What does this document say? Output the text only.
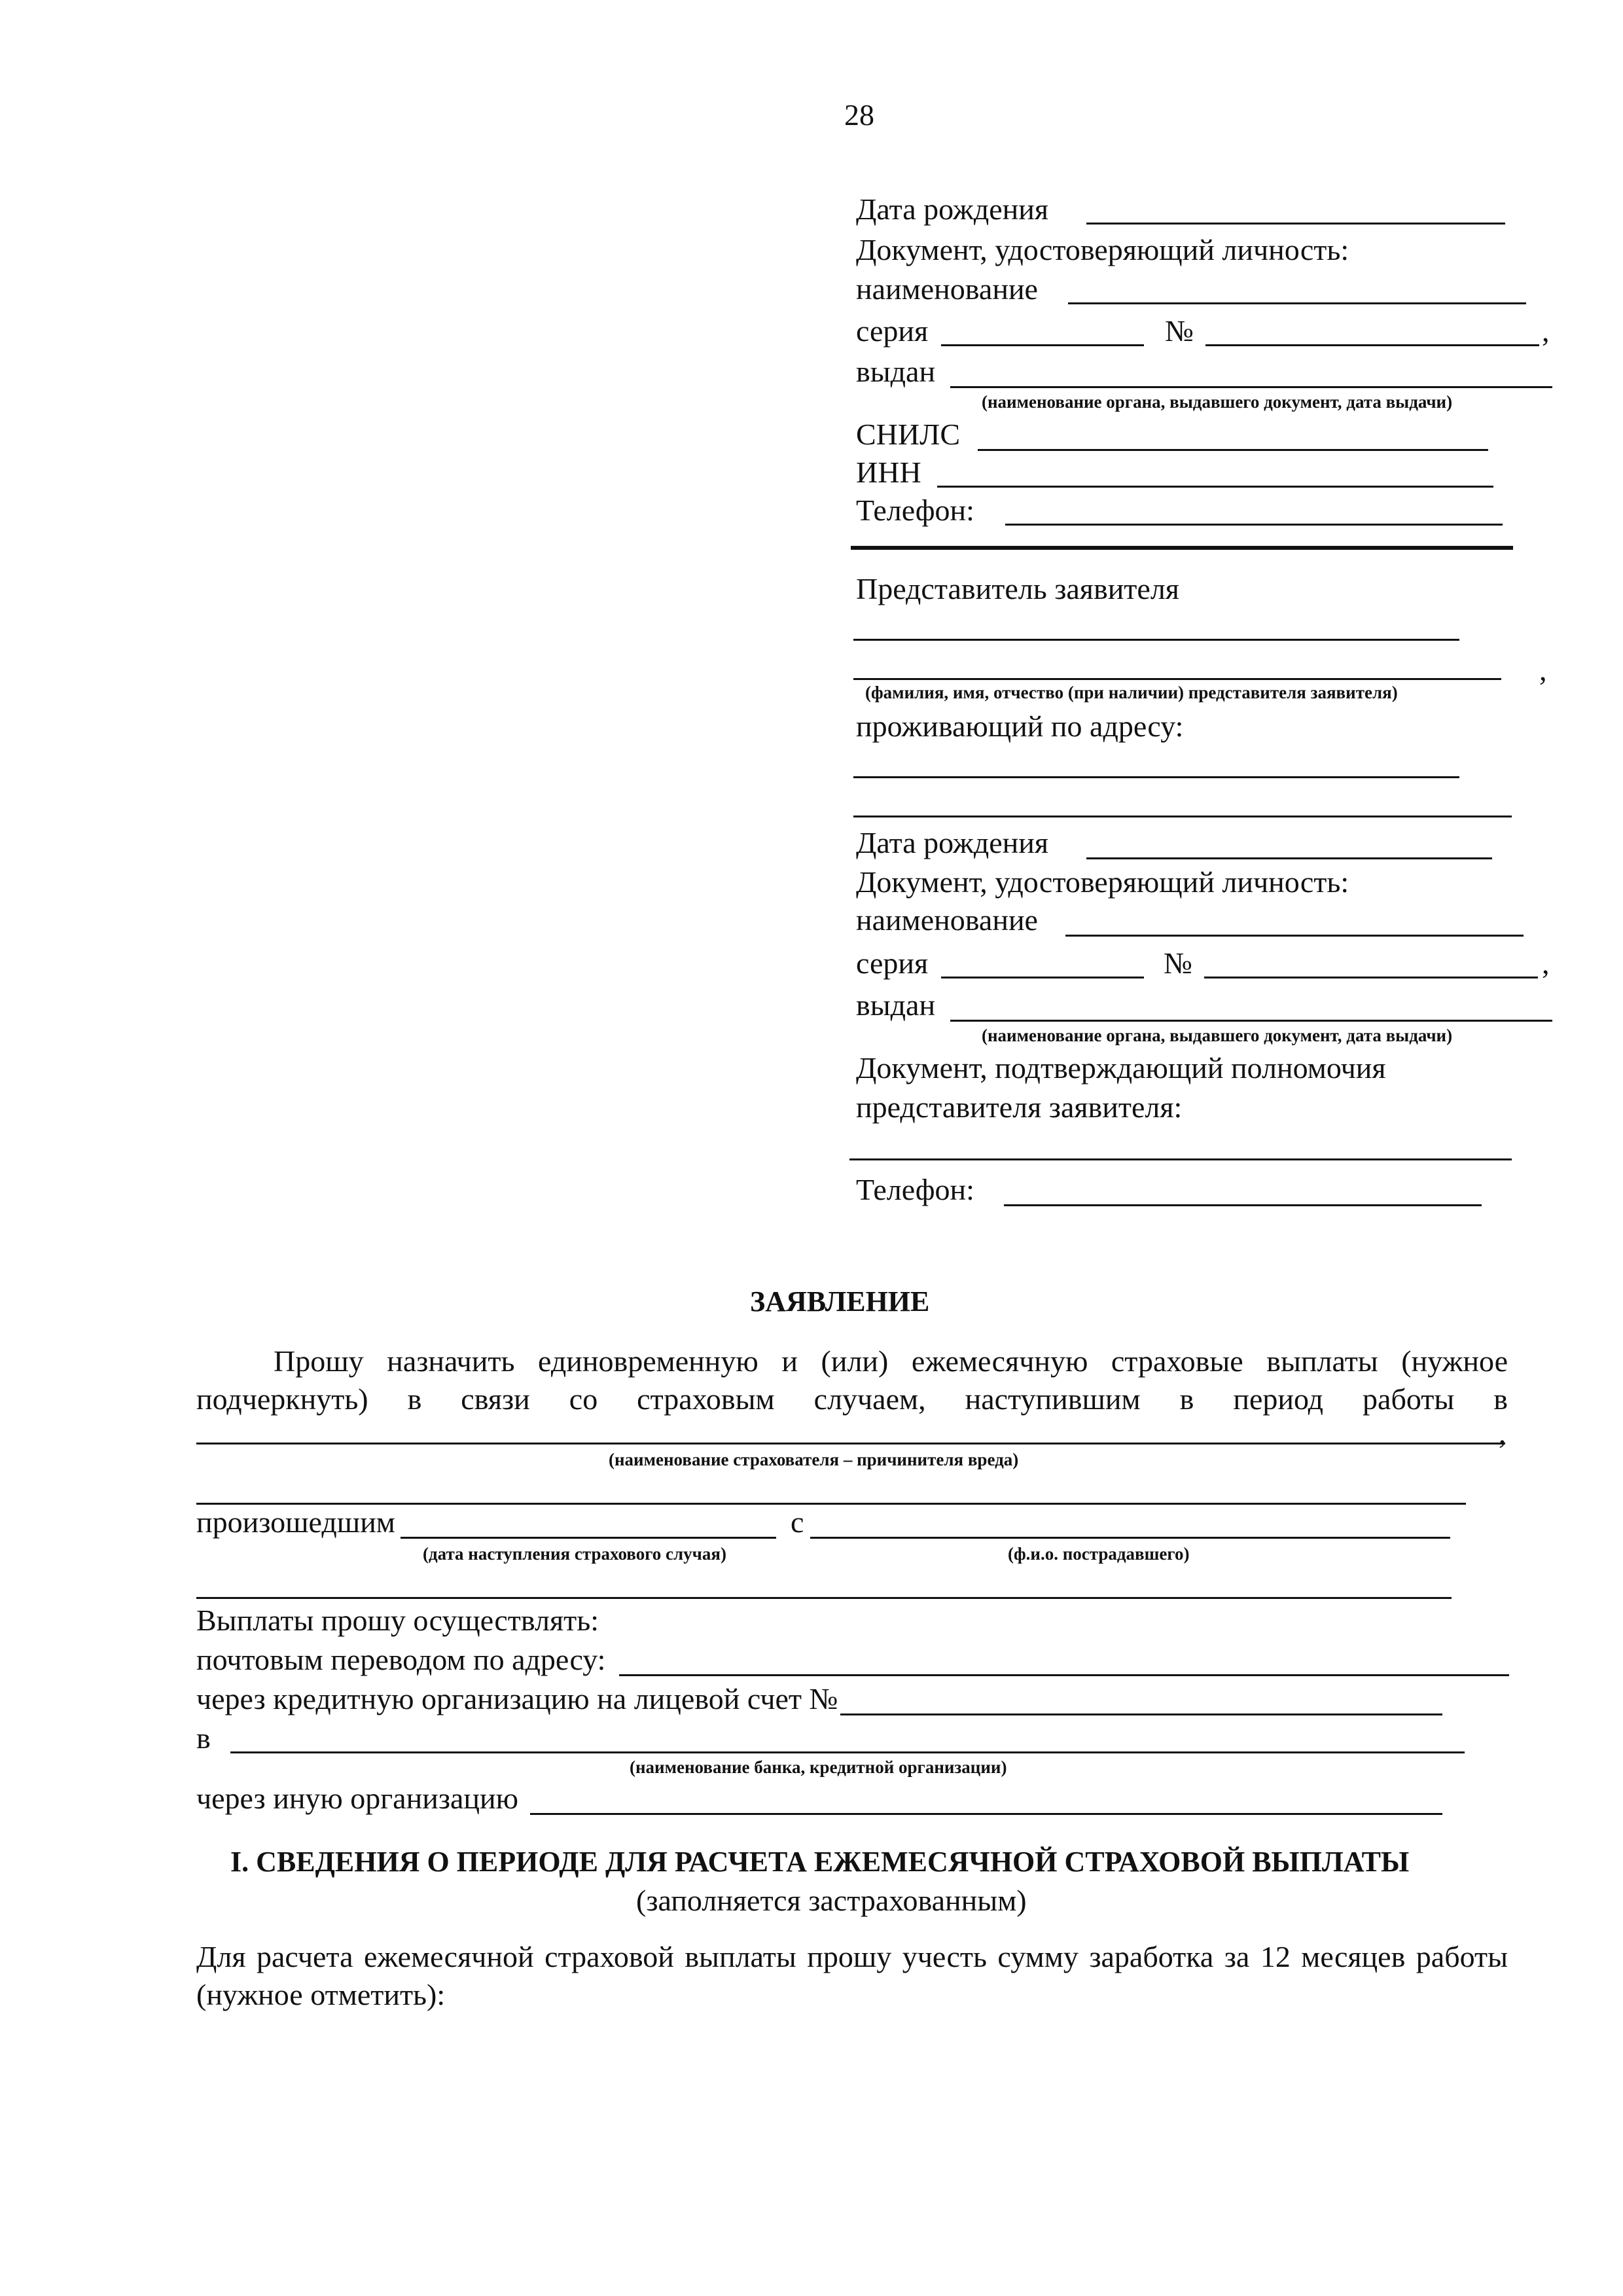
28
Дата рождения
Документ, удостоверяющий личность:
наименование
серия	№	,
выдан
(наименование органа, выдавшего документ, дата выдачи)
СНИЛС
ИНН
Телефон:
Представитель заявителя
,
(фамилия, имя, отчество (при наличии) представителя заявителя)
проживающий по адресу:
Дата рождения
Документ, удостоверяющий личность:
наименование
серия	№	,
выдан
(наименование органа, выдавшего документ, дата выдачи)
Документ, подтверждающий полномочия
представителя заявителя:
Телефон:
ЗАЯВЛЕНИЕ
Прошу назначить единовременную и (или) ежемесячную страховые выплаты (нужное
подчеркнуть) в связи со страховым случаем, наступившим в период работы в
,
(наименование страхователя – причинителя вреда)
произошедшим	с
(дата наступления страхового случая)	(ф.и.о. пострадавшего)
Выплаты прошу осуществлять:
почтовым переводом по адресу:
через кредитную организацию на лицевой счет №
в
(наименование банка, кредитной организации)
через иную организацию
I. СВЕДЕНИЯ О ПЕРИОДЕ ДЛЯ РАСЧЕТА ЕЖЕМЕСЯЧНОЙ СТРАХОВОЙ ВЫПЛАТЫ
(заполняется застрахованным)
Для расчета ежемесячной страховой выплаты прошу учесть сумму заработка за 12 месяцев работы
(нужное отметить):
